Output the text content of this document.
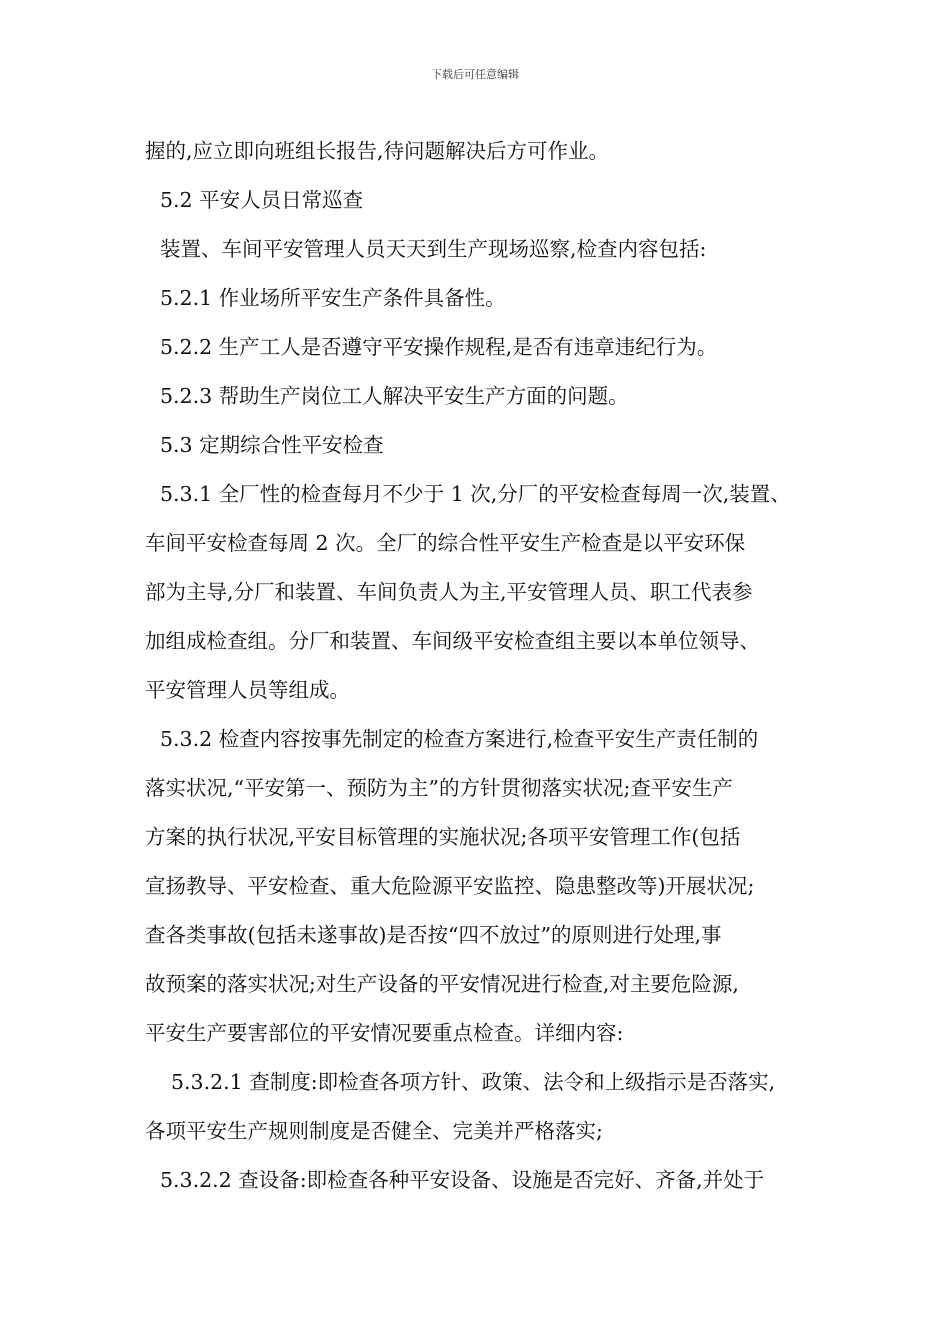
下载后可任意编辑
握的,应立即向班组长报告,待问题解决后方可作业。
5.2 平安人员日常巡查
装置、车间平安管理人员天天到生产现场巡察,检查内容包括:
5.2.1 作业场所平安生产条件具备性。
5.2.2 生产工人是否遵守平安操作规程,是否有违章违纪行为。
5.2.3 帮助生产岗位工人解决平安生产方面的问题。
5.3 定期综合性平安检查
5.3.1 全厂性的检查每月不少于 1 次,分厂的平安检查每周一次,装置、
车间平安检查每周 2 次。全厂的综合性平安生产检查是以平安环保
部为主导,分厂和装置、车间负责人为主,平安管理人员、职工代表参
加组成检查组。分厂和装置、车间级平安检查组主要以本单位领导、
平安管理人员等组成。
5.3.2 检查内容按事先制定的检查方案进行,检查平安生产责任制的
落实状况,“平安第一、预防为主”的方针贯彻落实状况;查平安生产
方案的执行状况,平安目标管理的实施状况;各项平安管理工作(包括
宣扬教导、平安检查、重大危险源平安监控、隐患整改等)开展状况;
查各类事故(包括未遂事故)是否按“四不放过”的原则进行处理,事
故预案的落实状况;对生产设备的平安情况进行检查,对主要危险源,
平安生产要害部位的平安情况要重点检查。详细内容:
5.3.2.1 查制度:即检查各项方针、政策、法令和上级指示是否落实,
各项平安生产规则制度是否健全、完美并严格落实;
5.3.2.2 查设备:即检查各种平安设备、设施是否完好、齐备,并处于
